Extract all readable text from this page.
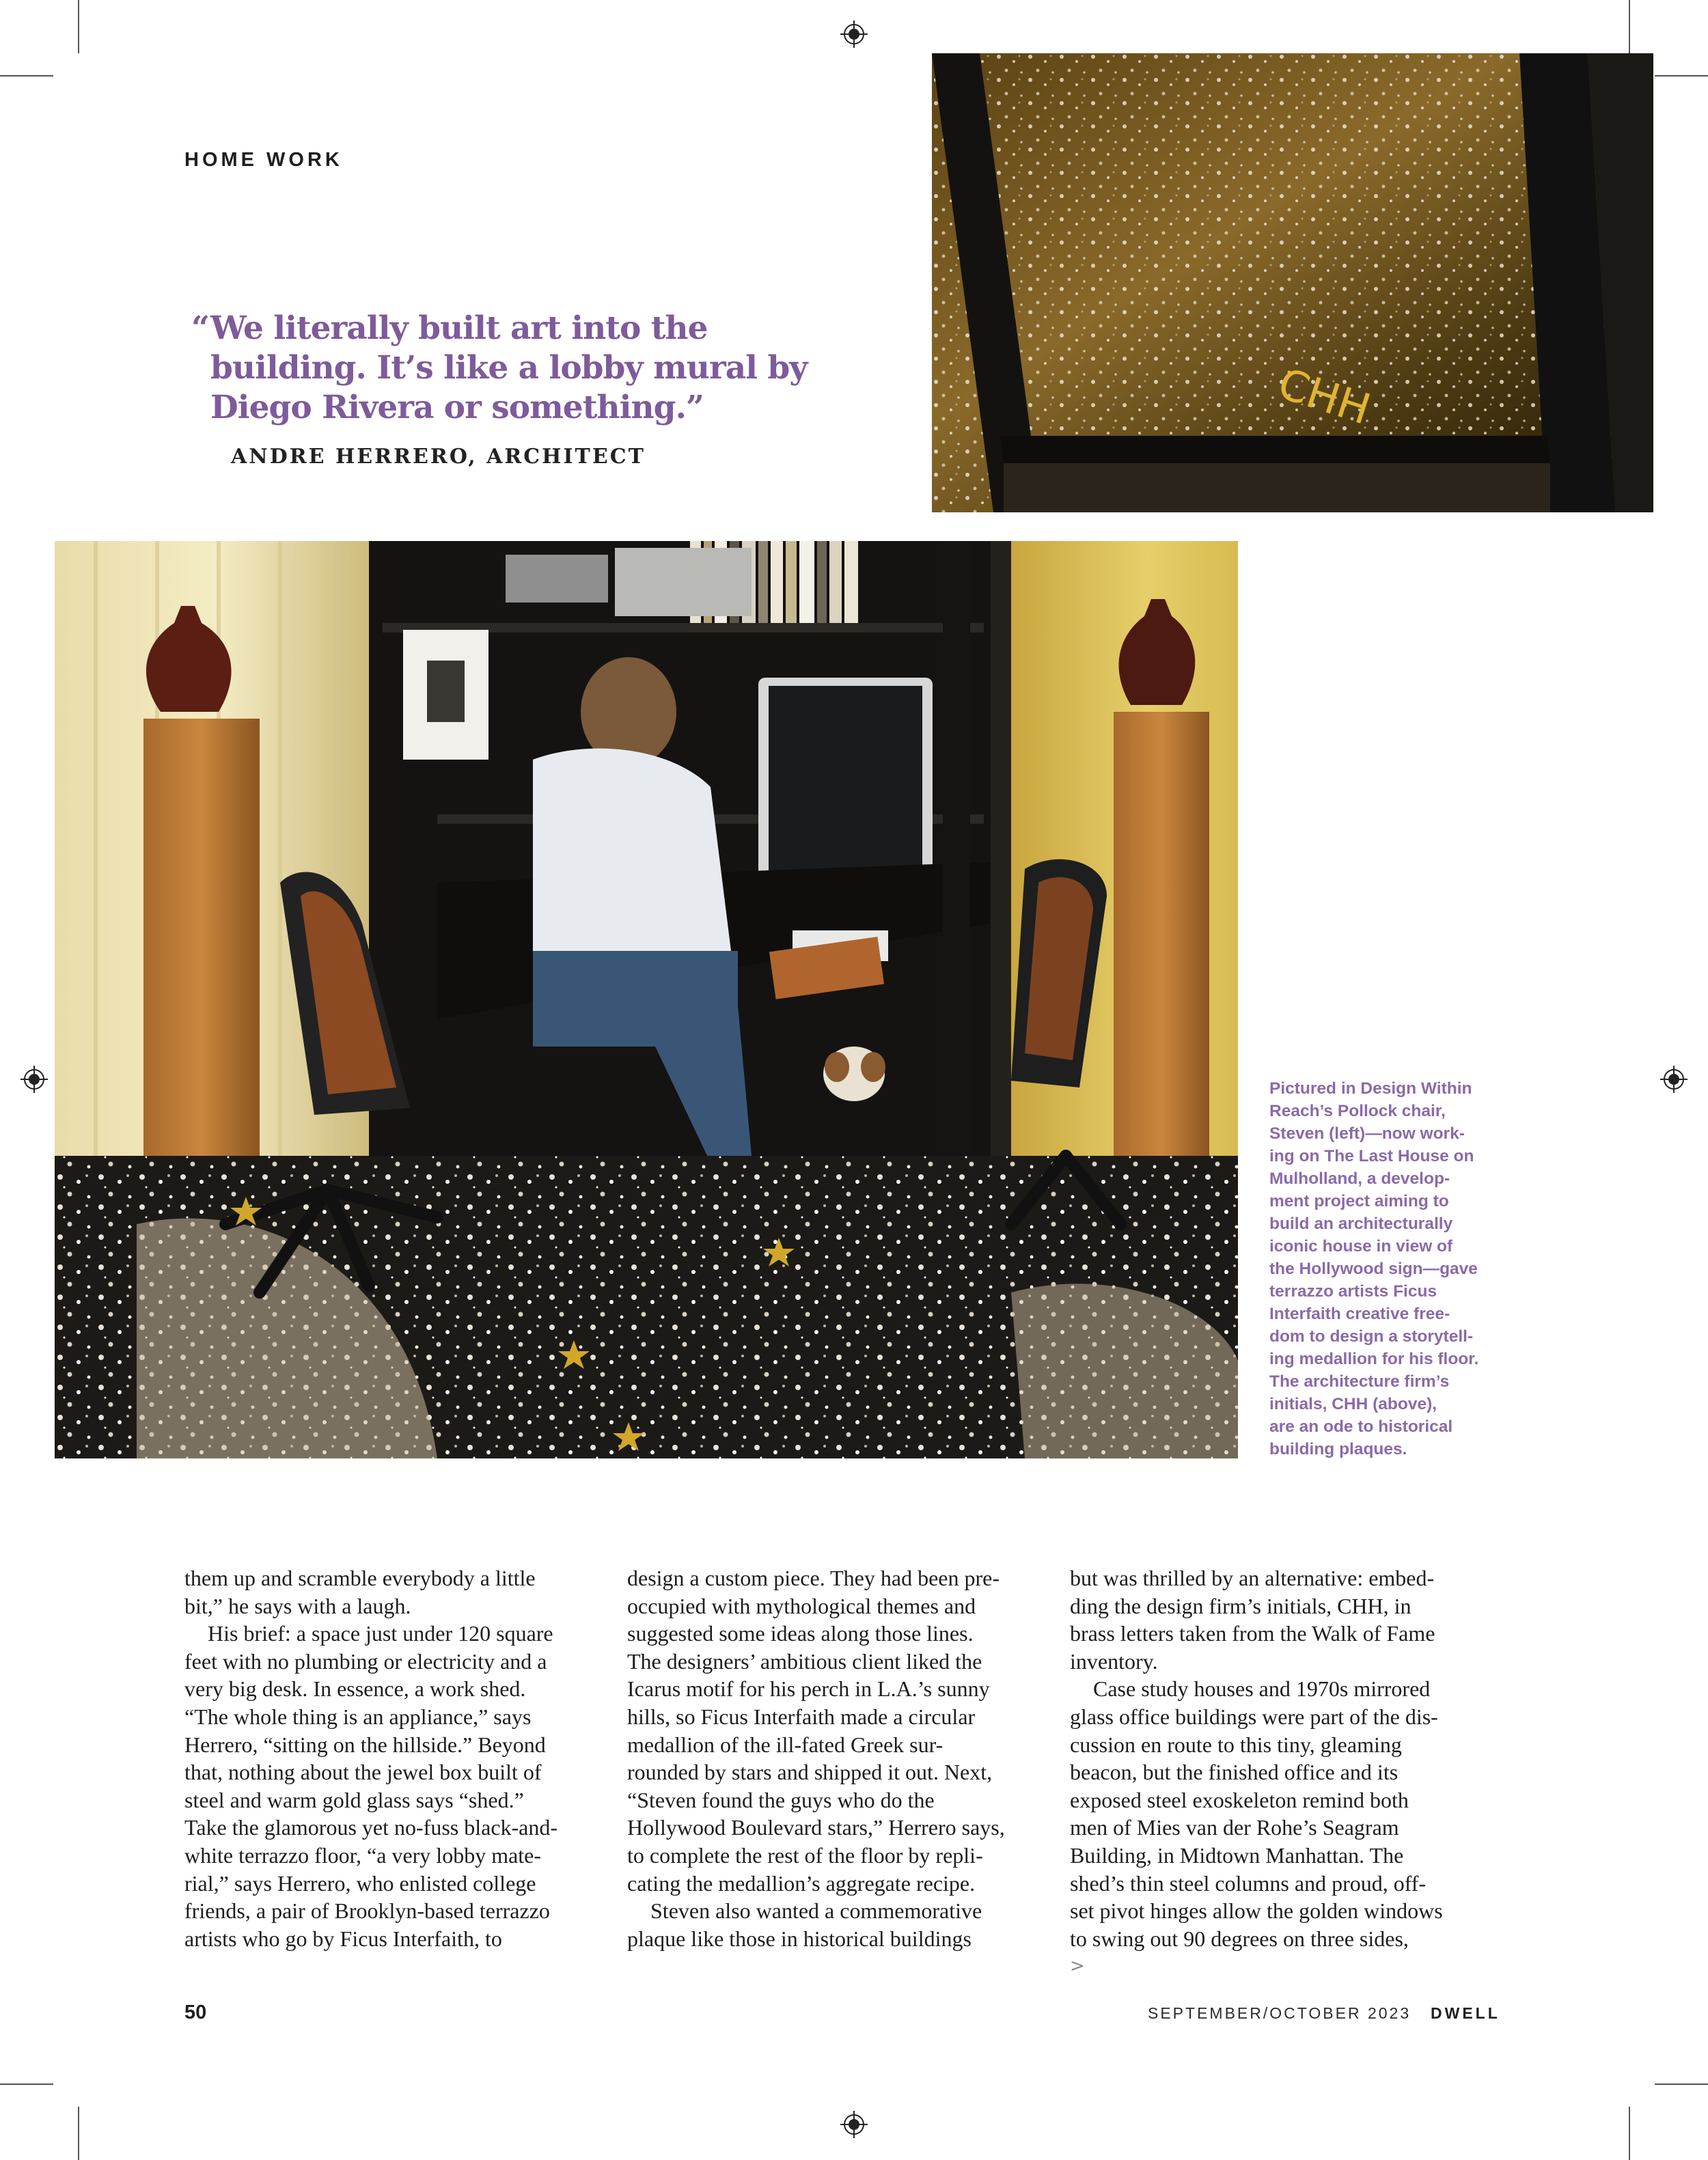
HOME WORK
“ We literally built art into the
building. It’s like a lobby mural by
Diego Rivera or something.”
ANDRE HERRERO, ARCHITECT
CHH
Pictured in Design Within
Reach’s Pollock chair,
Steven (left)—now work-
ing on The Last House on
Mulholland, a develop-
ment project aiming to
build an architecturally
iconic house in view of
the Hollywood sign—gave
terrazzo artists Ficus
Interfaith creative free-
dom to design a storytell-
ing medallion for his floor.
The architecture firm’s
initials, CHH (above),
are an ode to historical
building plaques.
them up and scramble everybody a little
bit,” he says with a laugh.
His brief: a space just under 120 square
feet with no plumbing or electricity and a
very big desk. In essence, a work shed.
“The whole thing is an appliance,” says
Herrero, “sitting on the hillside.” Beyond
that, nothing about the jewel box built of
steel and warm gold glass says “shed.”
Take the glamorous yet no-fuss black-and-
white terrazzo floor, “a very lobby mate-
rial,” says Herrero, who enlisted college
friends, a pair of Brooklyn-based terrazzo
artists who go by Ficus Interfaith, to
design a custom piece. They had been pre-
occupied with mythological themes and
suggested some ideas along those lines.
The designers’ ambitious client liked the
Icarus motif for his perch in L.A.’s sunny
hills, so Ficus Interfaith made a circular
medallion of the ill-fated Greek sur-
rounded by stars and shipped it out. Next,
“Steven found the guys who do the
Hollywood Boulevard stars,” Herrero says,
to complete the rest of the floor by repli-
cating the medallion’s aggregate recipe.
Steven also wanted a commemorative
plaque like those in historical buildings
but was thrilled by an alternative: embed-
ding the design firm’s initials, CHH, in
brass letters taken from the Walk of Fame
inventory.
Case study houses and 1970s mirrored
glass office buildings were part of the dis-
cussion en route to this tiny, gleaming
beacon, but the finished office and its
exposed steel exoskeleton remind both
men of Mies van der Rohe’s Seagram
Building, in Midtown Manhattan. The
shed’s thin steel columns and proud, off-
set pivot hinges allow the golden windows
to swing out 90 degrees on three sides,
>
50	SEPTEMBER/OCTOBER 2023 DWELL
